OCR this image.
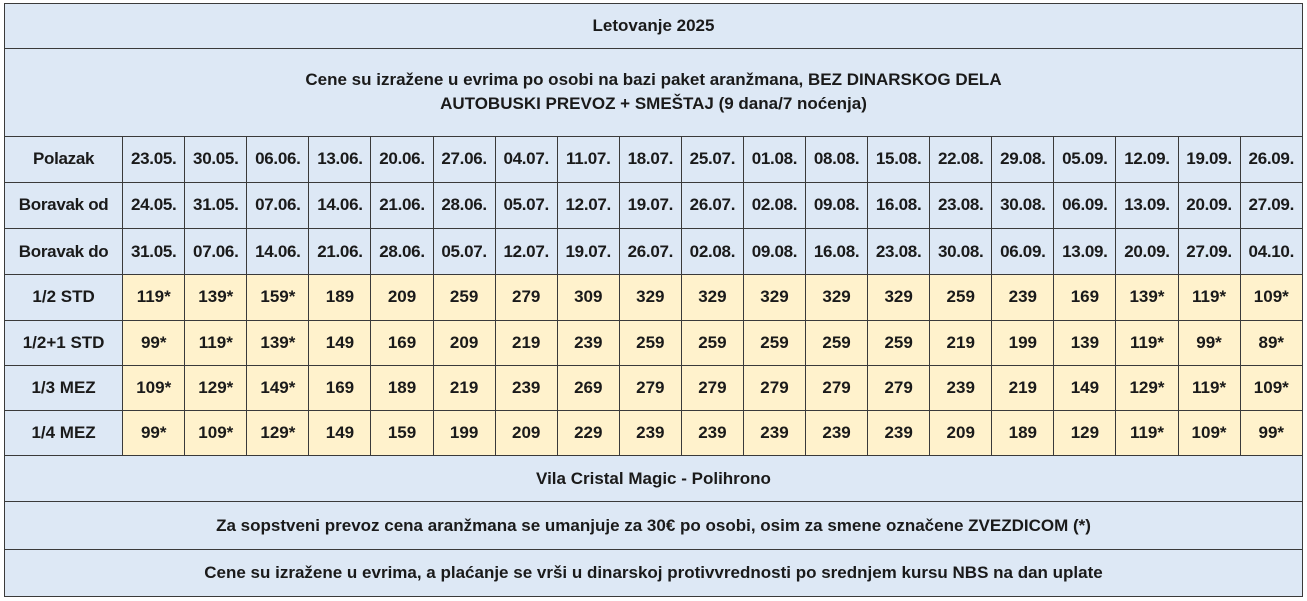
Letovanje 2025																			

Cene su izražene u evrima po osobi na bazi paket aranžmana, BEZ DINARSKOG DELA
AUTOBUSKI PREVOZ + SMEŠTAJ (9 dana/7 noćenja)																			

Polazak	23.05.	30.05.	06.06.	13.06.	20.06.	27.06.	04.07.	11.07.	18.07.	25.07.	01.08.	08.08.	15.08.	22.08.	29.08.	05.09.	12.09.	19.09.	26.09.
Boravak od	24.05.	31.05.	07.06.	14.06.	21.06.	28.06.	05.07.	12.07.	19.07.	26.07.	02.08.	09.08.	16.08.	23.08.	30.08.	06.09.	13.09.	20.09.	27.09.
Boravak do	31.05.	07.06.	14.06.	21.06.	28.06.	05.07.	12.07.	19.07.	26.07.	02.08.	09.08.	16.08.	23.08.	30.08.	06.09.	13.09.	20.09.	27.09.	04.10.
1/2 STD	119*	139*	159*	189	209	259	279	309	329	329	329	329	329	259	239	169	139*	119*	109*
1/2+1 STD	99*	119*	139*	149	169	209	219	239	259	259	259	259	259	219	199	139	119*	99*	89*
1/3 MEZ	109*	129*	149*	169	189	219	239	269	279	279	279	279	279	239	219	149	129*	119*	109*
1/4 MEZ	99*	109*	129*	149	159	199	209	229	239	239	239	239	239	209	189	129	119*	109*	99*
Vila Cristal Magic - Polihrono																			
Za sopstveni prevoz cena aranžmana se umanjuje za 30€ po osobi, osim za smene označene ZVEZDICOM (*)																			
Cene su izražene u evrima, a plaćanje se vrši u dinarskoj protivvrednosti po srednjem kursu NBS na dan uplate																			
